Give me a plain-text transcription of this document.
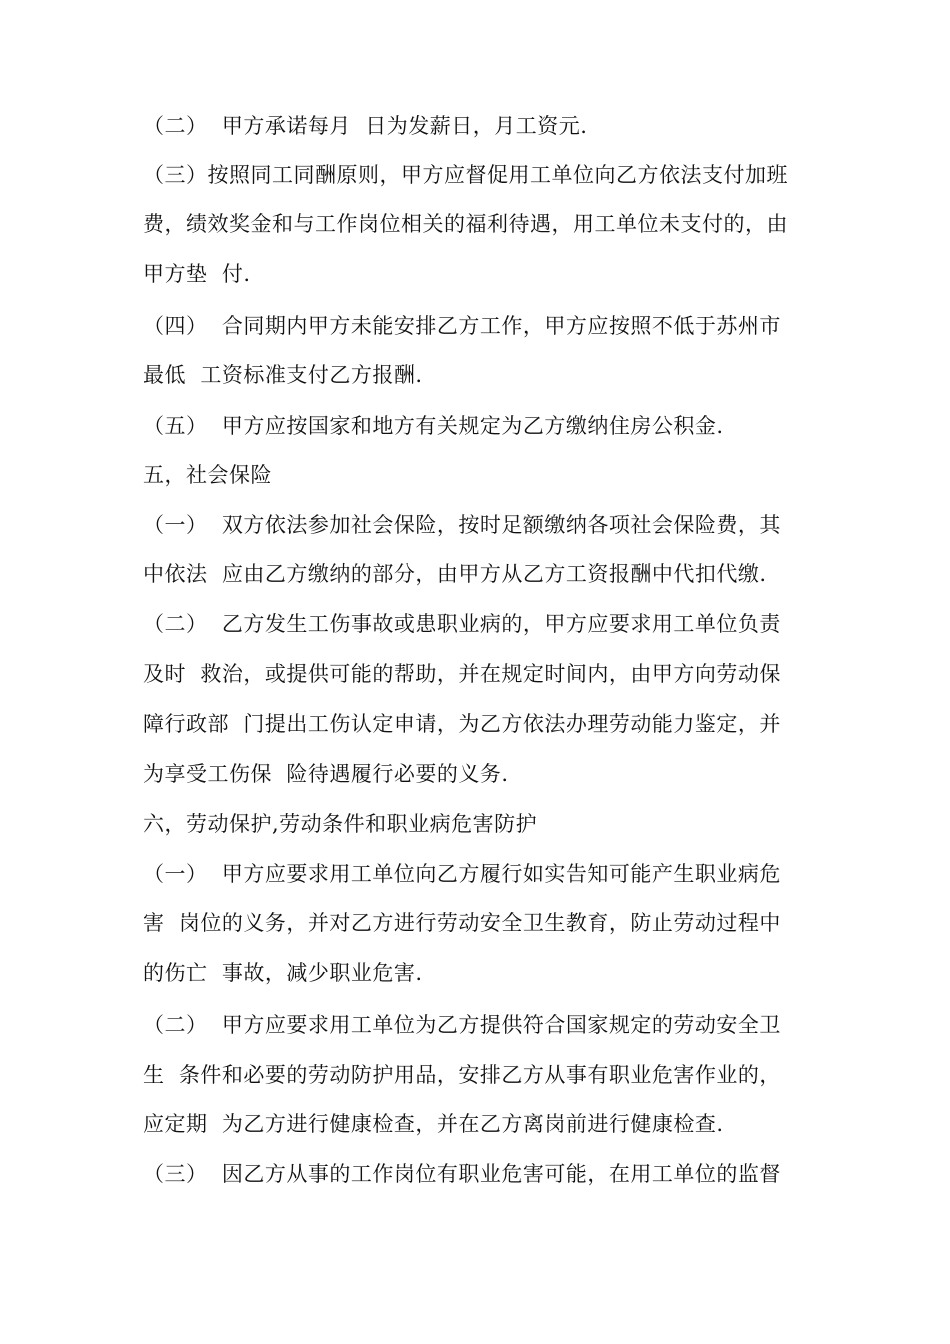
（二）  甲方承诺每月  日为发薪日，月工资元.
（三）按照同工同酬原则，甲方应督促用工单位向乙方依法支付加班
费，绩效奖金和与工作岗位相关的福利待遇，用工单位未支付的，由
甲方垫  付.
（四）  合同期内甲方未能安排乙方工作，甲方应按照不低于苏州市
最低  工资标准支付乙方报酬.
（五）  甲方应按国家和地方有关规定为乙方缴纳住房公积金.
五，社会保险
（一）  双方依法参加社会保险，按时足额缴纳各项社会保险费，其
中依法  应由乙方缴纳的部分，由甲方从乙方工资报酬中代扣代缴.
（二）  乙方发生工伤事故或患职业病的，甲方应要求用工单位负责
及时  救治，或提供可能的帮助，并在规定时间内，由甲方向劳动保
障行政部  门提出工伤认定申请，为乙方依法办理劳动能力鉴定，并
为享受工伤保  险待遇履行必要的义务.
六，劳动保护,劳动条件和职业病危害防护
（一）  甲方应要求用工单位向乙方履行如实告知可能产生职业病危
害  岗位的义务，并对乙方进行劳动安全卫生教育，防止劳动过程中
的伤亡  事故，减少职业危害.
（二）  甲方应要求用工单位为乙方提供符合国家规定的劳动安全卫
生  条件和必要的劳动防护用品，安排乙方从事有职业危害作业的，
应定期  为乙方进行健康检查，并在乙方离岗前进行健康检查.
（三）  因乙方从事的工作岗位有职业危害可能，在用工单位的监督
